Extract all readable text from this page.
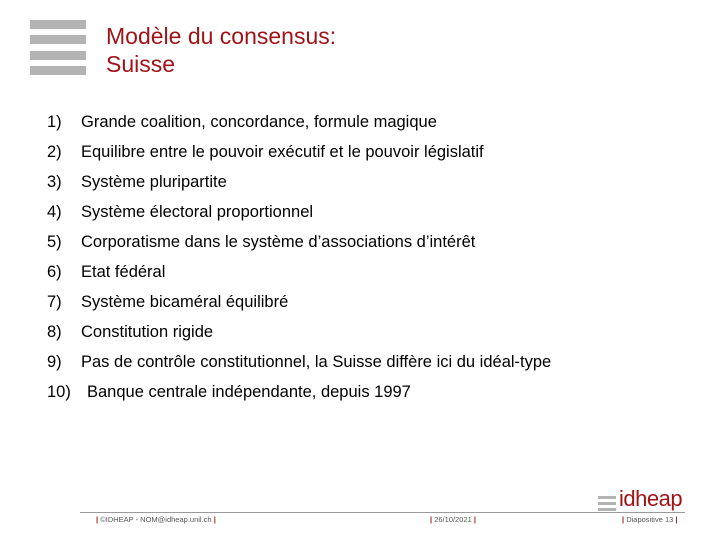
Modèle du consensus:
Suisse
1) Grande coalition, concordance, formule magique
2) Equilibre entre le pouvoir exécutif et le pouvoir législatif
3) Système pluripartite
4) Système électoral proportionnel
5) Corporatisme dans le système d’associations d’intérêt
6) Etat fédéral
7) Système bicaméral équilibré
8) Constitution rigide
9) Pas de contrôle constitutionnel, la Suisse diffère ici du idéal-type
10) Banque centrale indépendante, depuis 1997
idheap
| ©IDHEAP - NOM@idheap.unil.ch |	| 26/10/2021 |	| Diapositive 13 |
